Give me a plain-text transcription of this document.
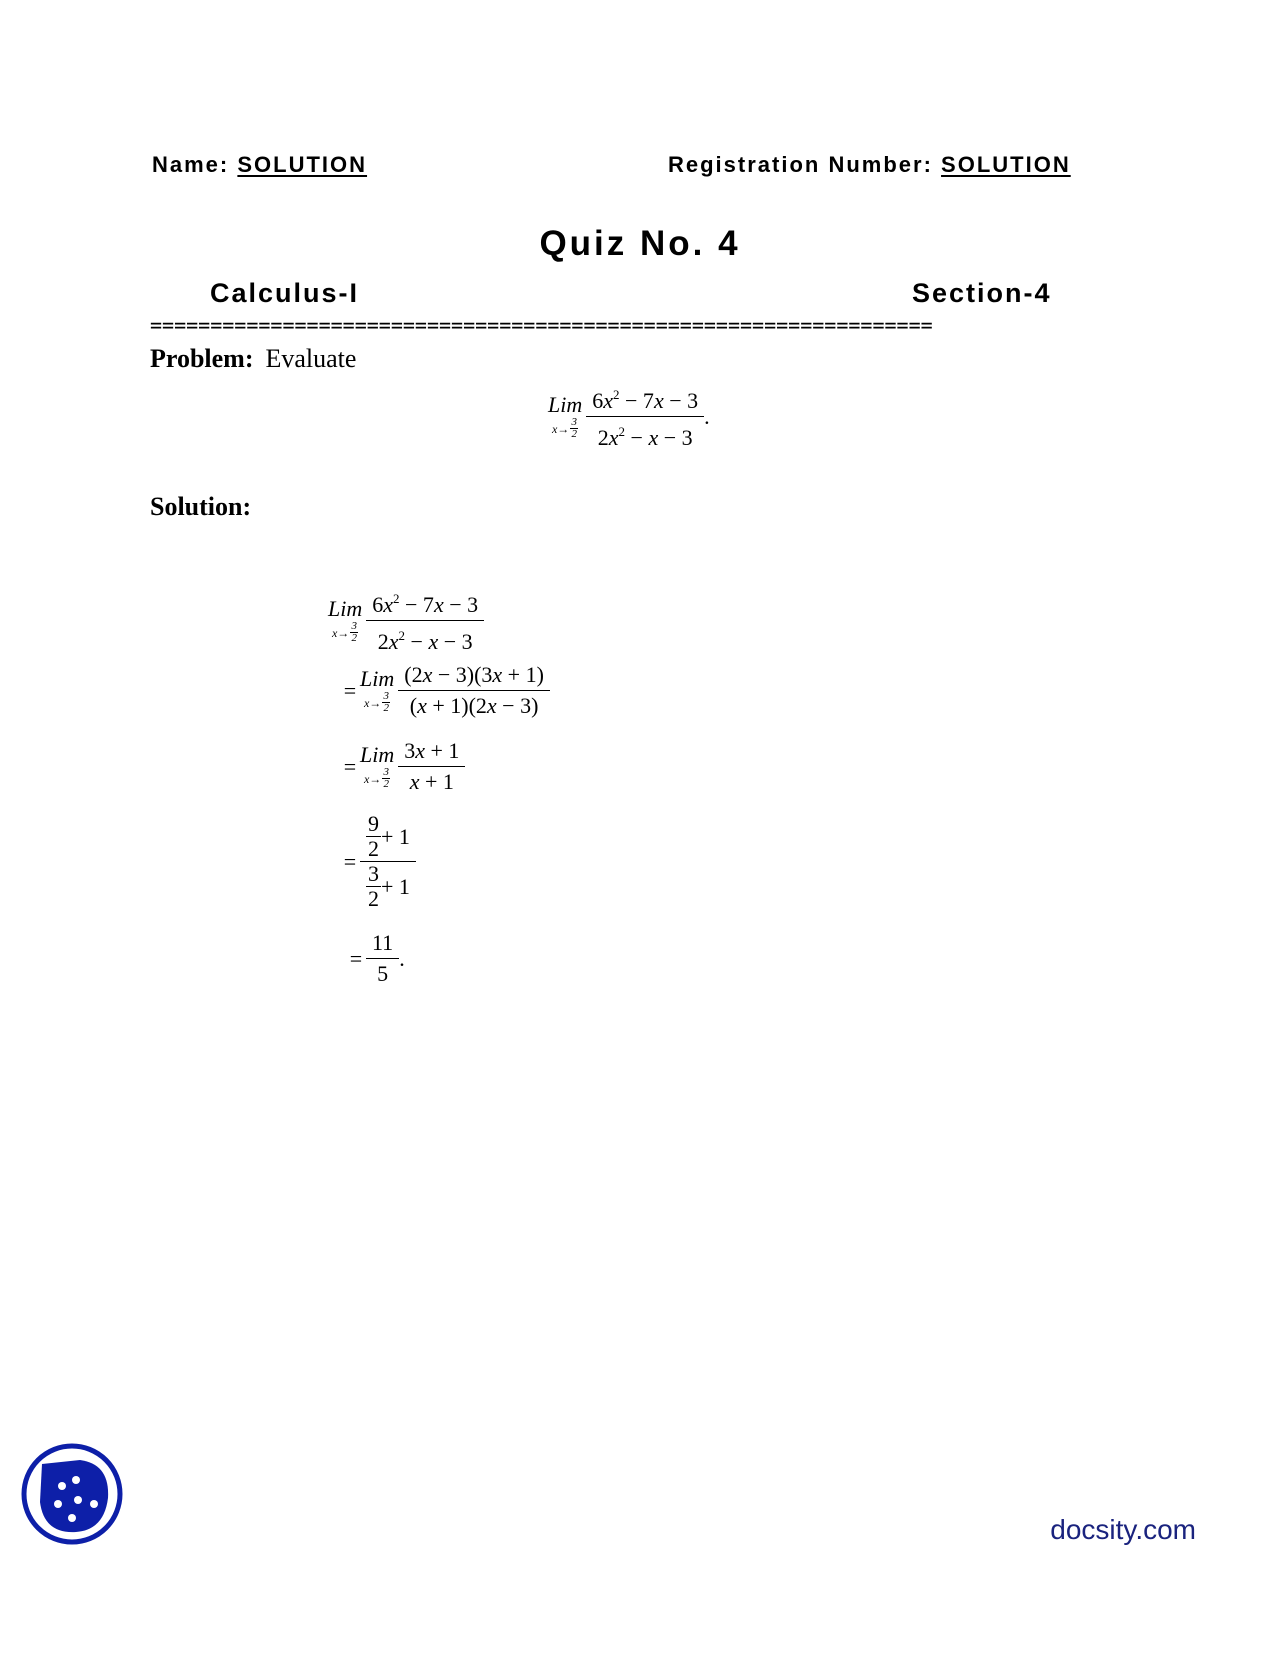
Name: SOLUTION	Registration Number: SOLUTION
Quiz No. 4
Calculus-I	Section-4
=================================================================
Problem: Evaluate
Lim
$x \to \frac{3}{2} \frac{6x^2 - 7x - 3}{2x^2 - x - 3}$ .
Solution:
Lim
$x \to \frac{3}{2} \frac{6x^2 - 7x - 3}{2x^2 - x - 3}$
= Lim
$x \to \frac{3}{2} \frac{(2x - 3)(3x + 1)}{(x + 1)(2x - 3)}$
= Lim
$x \to \frac{3}{2} \frac{3x + 1}{x + 1}$
= $\frac{\frac{9}{2} + 1}{\frac{3}{2} + 1}$
= $\frac{11}{5}$ .
docsity.com
